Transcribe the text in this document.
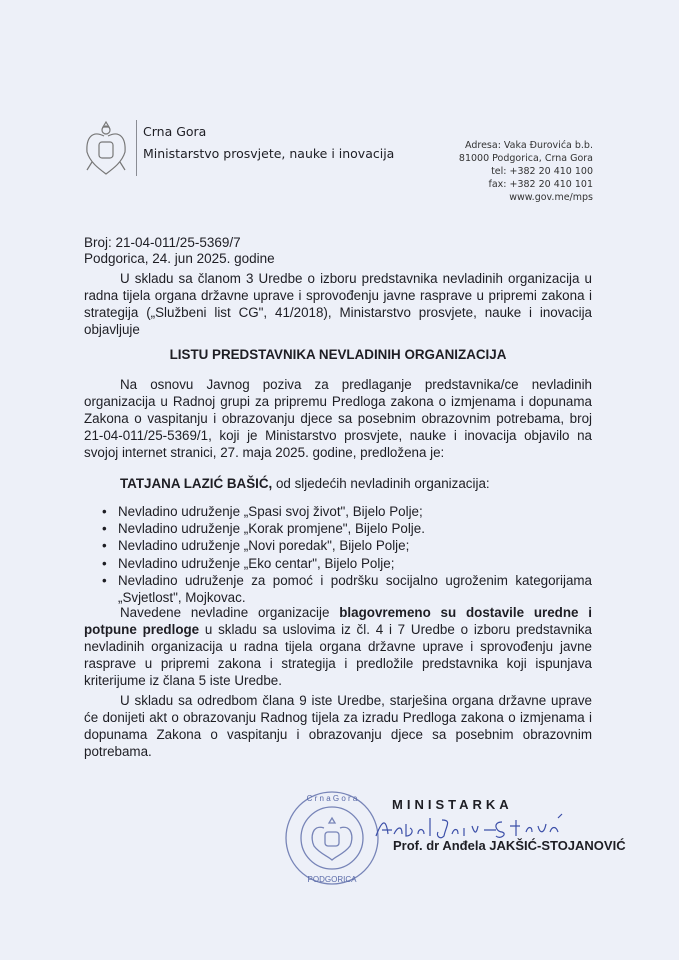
Crna Gora
Ministarstvo prosvjete, nauke i inovacija
Adresa: Vaka Đurovića b.b.
81000 Podgorica, Crna Gora
tel: +382 20 410 100
fax: +382 20 410 101
www.gov.me/mps
Broj: 21-04-011/25-5369/7
Podgorica, 24. jun 2025. godine
U skladu sa članom 3 Uredbe o izboru predstavnika nevladinih organizacija u radna tijela organa državne uprave i sprovođenju javne rasprave u pripremi zakona i strategija („Službeni list CG", 41/2018), Ministarstvo prosvjete, nauke i inovacija objavljuje
LISTU PREDSTAVNIKA NEVLADINIH ORGANIZACIJA
Na osnovu Javnog poziva za predlaganje predstavnika/ce nevladinih organizacija u Radnoj grupi za pripremu Predloga zakona o izmjenama i dopunama Zakona o vaspitanju i obrazovanju djece sa posebnim obrazovnim potrebama, broj 21-04-011/25-5369/1, koji je Ministarstvo prosvjete, nauke i inovacija objavilo na svojoj internet stranici, 27. maja 2025. godine, predložena je:
TATJANA LAZIĆ BAŠIĆ, od sljedećih nevladinih organizacija:
• Nevladino udruženje „Spasi svoj život", Bijelo Polje;
• Nevladino udruženje „Korak promjene", Bijelo Polje.
• Nevladino udruženje „Novi poredak", Bijelo Polje;
• Nevladino udruženje „Eko centar", Bijelo Polje;
• Nevladino udruženje za pomoć i podršku socijalno ugroženim kategorijama „Svjetlost", Mojkovac.
Navedene nevladine organizacije blagovremeno su dostavile uredne i potpune predloge u skladu sa uslovima iz čl. 4 i 7 Uredbe o izboru predstavnika nevladinih organizacija u radna tijela organa državne uprave i sprovođenju javne rasprave u pripremi zakona i strategija i predložile predstavnika koji ispunjava kriterijume iz člana 5 iste Uredbe.
U skladu sa odredbom člana 9 iste Uredbe, starješina organa državne uprave će donijeti akt o obrazovanju Radnog tijela za izradu Predloga zakona o izmjenama i dopunama Zakona o vaspitanju i obrazovanju djece sa posebnim obrazovnim potrebama.
PODGORICA
C r n a G o r a	MINISTARKA
Prof. dr Anđela JAKŠIĆ-STOJANOVIĆ
